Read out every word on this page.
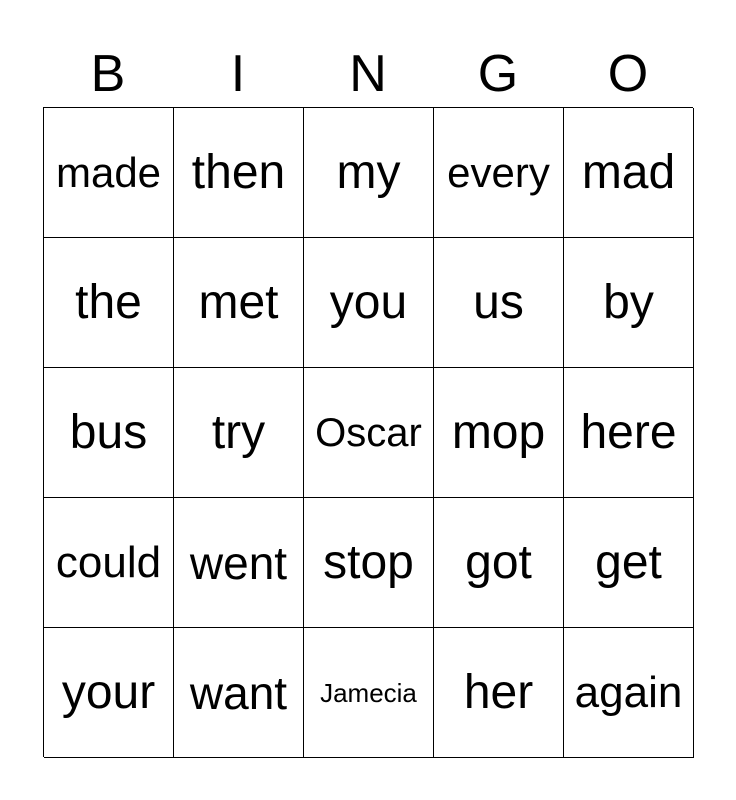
B	I	N	G	O
made then my every mad
the met you us by
bus try Oscar mop here
could went stop got get
your want Jamecia her again
